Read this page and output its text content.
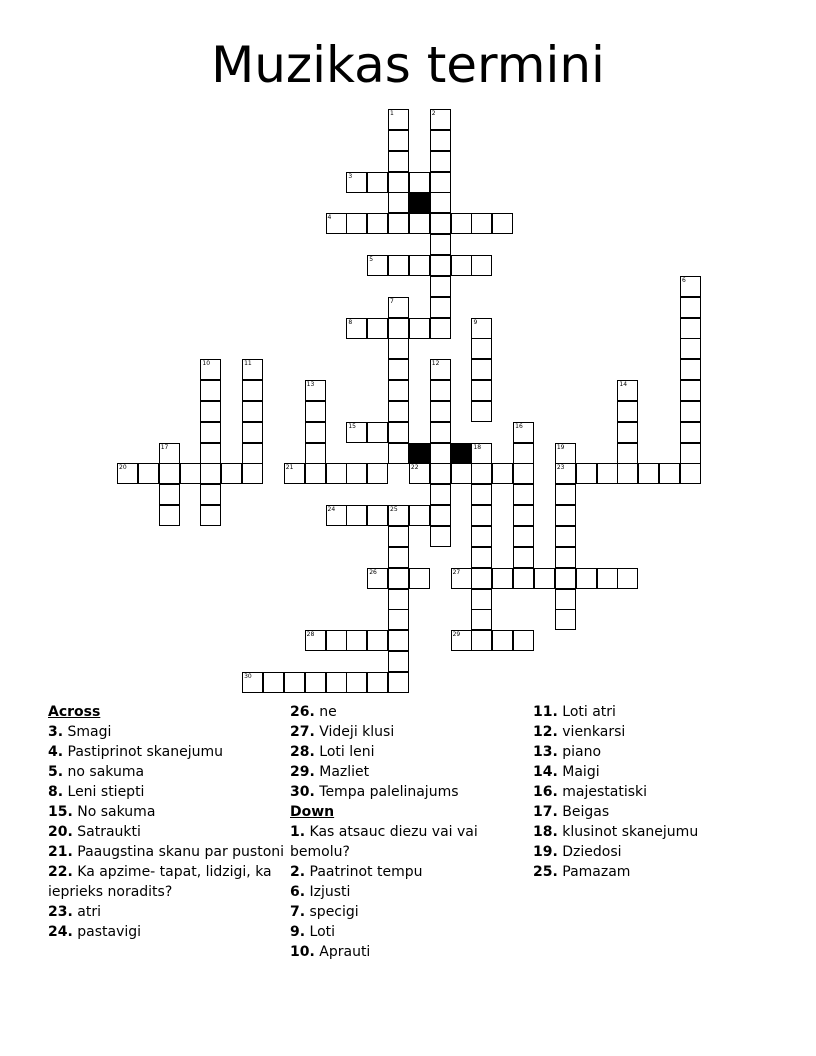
Muzikas termini
1	2
3
4
5
6
7
8	9
10	11	12
13	14
15	16
17	18	19
23
20	21	22
24	25
26	27
28	29
30
Across
3. Smagi
4. Pastiprinot skanejumu
5. no sakuma
8. Leni stiepti
15. No sakuma
20. Satraukti
21. Paaugstina skanu par pustoni
22. Ka apzime- tapat, lidzigi, ka ieprieks noradits?
23. atri
24. pastavigi
26. ne
27. Videji klusi
28. Loti leni
29. Mazliet
30. Tempa palelinajums
Down
1. Kas atsauc diezu vai vai bemolu?
2. Paatrinot tempu
6. Izjusti
7. specigi
9. Loti
10. Aprauti
11. Loti atri
12. vienkarsi
13. piano
14. Maigi
16. majestatiski
17. Beigas
18. klusinot skanejumu
19. Dziedosi
25. Pamazam
